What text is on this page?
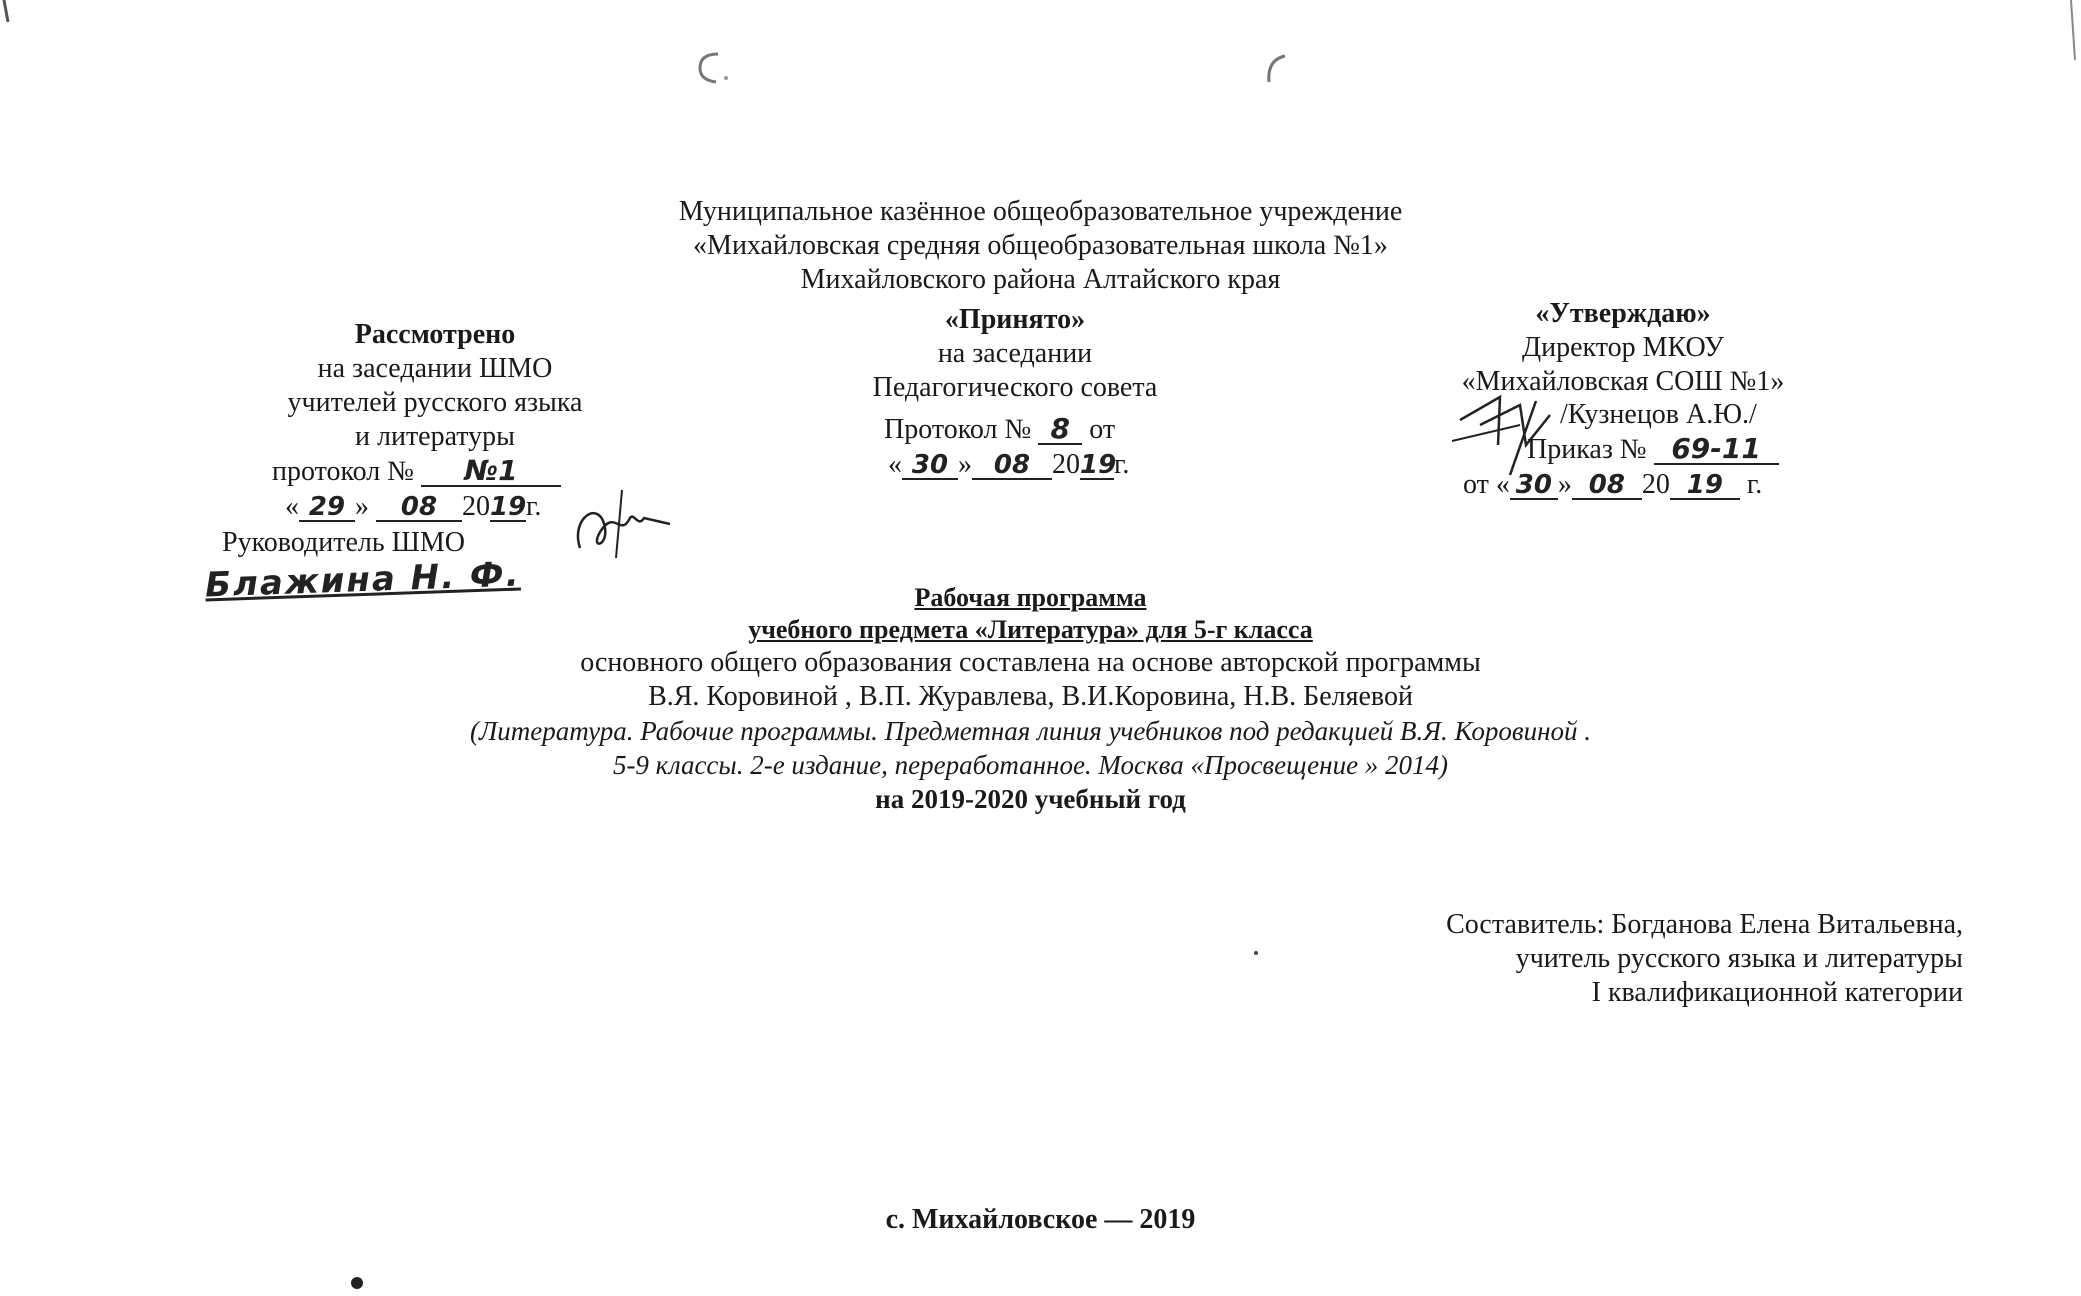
Муниципальное казённое общеобразовательное учреждение
«Михайловская средняя общеобразовательная школа №1»
Михайловского района Алтайского края
Рассмотрено
на заседании ШМО
учителей русского языка
и литературы
протокол № №1
« 29 » 08 2019г.
Руководитель ШМО
Блажина Н. Ф.
«Принято»
на заседании
Педагогического совета
Протокол № 8 от
« 30 » 08 2019г.
«Утверждаю»
Директор МКОУ
«Михайловская СОШ №1»
/Кузнецов А.Ю./
Приказ № 69-11
от « 30 » 08 20 19 г.
Рабочая программа
учебного предмета «Литература» для 5-г класса
основного общего образования составлена на основе авторской программы
В.Я. Коровиной , В.П. Журавлева, В.И.Коровина, Н.В. Беляевой
(Литература. Рабочие программы. Предметная линия учебников под редакцией В.Я. Коровиной .
5-9 классы. 2-е издание, переработанное. Москва «Просвещение » 2014)
на 2019-2020 учебный год
Составитель: Богданова Елена Витальевна,
учитель русского языка и литературы
I квалификационной категории
с. Михайловское — 2019
